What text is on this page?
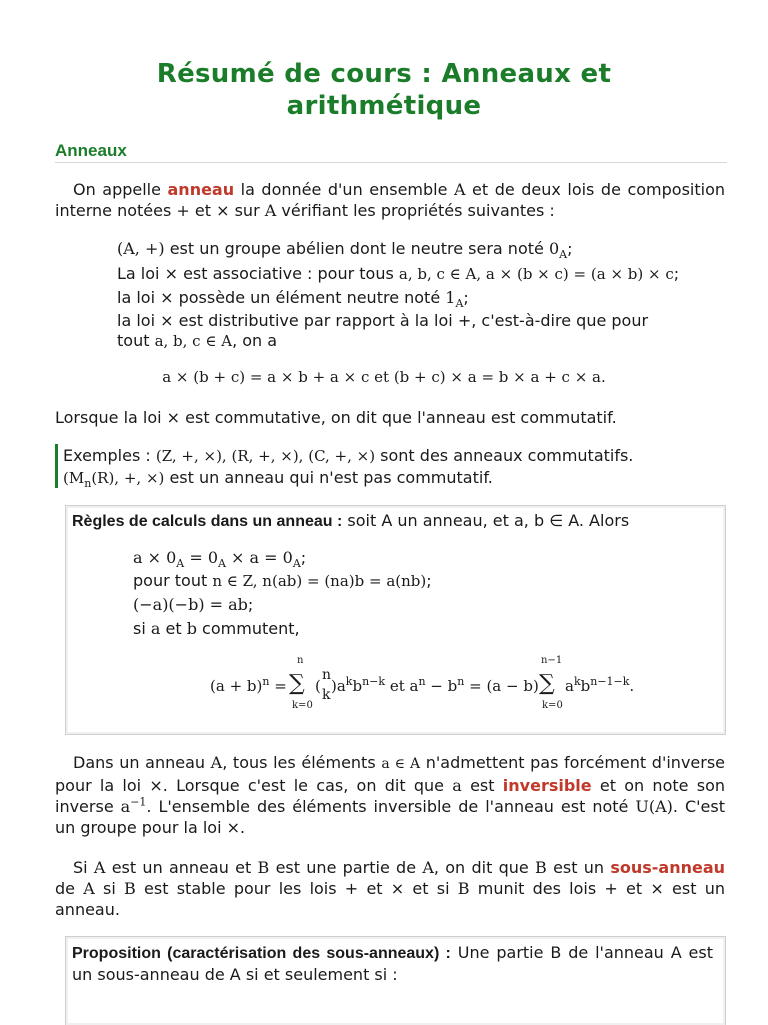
Résumé de cours : Anneaux et
arithmétique
Anneaux
On appelle anneau la donnée d'un ensemble A et de deux lois de composition interne notées + et × sur A vérifiant les propriétés suivantes :
(A, +) est un groupe abélien dont le neutre sera noté $0_A$;
La loi × est associative : pour tous a, b, c ∈ A, a × (b × c) = (a × b) × c;
la loi × possède un élément neutre noté $1_A$;
la loi × est distributive par rapport à la loi +, c'est-à-dire que pour
tout a, b, c ∈ A, on a
a × (b + c) = a × b + a × c et (b + c) × a = b × a + c × a.
Lorsque la loi × est commutative, on dit que l'anneau est commutatif.
Exemples : (Z, +, ×), (R, +, ×), (C, +, ×) sont des anneaux commutatifs.
($M_n(R)$, +, ×) est un anneau qui n'est pas commutatif.
Règles de calculs dans un anneau : soit A un anneau, et a, b ∈ A. Alors
$a \times 0_A = 0_A \times a = 0_A$;
pour tout n ∈ Z, n(ab) = (na)b = a(nb);
(−a)(−b) = ab;
si a et b commutent,
n
$(a + b)^n$ = ∑
k=0
(
n
k )$a^kb^{n-k}$ et $a^n - b^n = (a - b)$
n−1
∑
k=0
$a^kb^{n-1-k}$.
Dans un anneau A, tous les éléments a ∈ A n'admettent pas forcément d'inverse pour la loi ×. Lorsque c'est le cas, on dit que a est inversible et on note son inverse $a^{-1}$. L'ensemble des éléments inversible de l'anneau est noté U(A). C'est un groupe pour la loi ×.
Si A est un anneau et B est une partie de A, on dit que B est un sous-anneau de A si B est stable pour les lois + et × et si B munit des lois + et × est un anneau.
Proposition (caractérisation des sous-anneaux) : Une partie B de l'anneau A est un sous-anneau de A si et seulement si :
